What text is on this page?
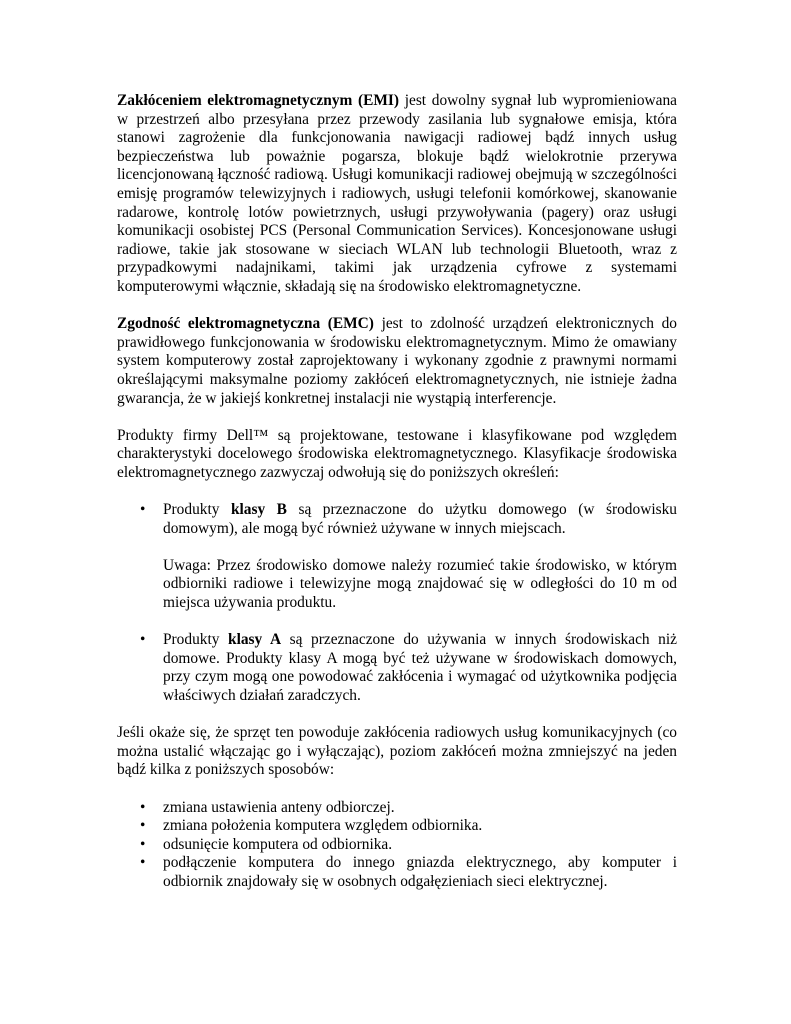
Zakłóceniem elektromagnetycznym (EMI) jest dowolny sygnał lub wypromieniowana w przestrzeń albo przesyłana przez przewody zasilania lub sygnałowe emisja, która stanowi zagrożenie dla funkcjonowania nawigacji radiowej bądź innych usług bezpieczeństwa lub poważnie pogarsza, blokuje bądź wielokrotnie przerywa licencjonowaną łączność radiową. Usługi komunikacji radiowej obejmują w szczególności emisję programów telewizyjnych i radiowych, usługi telefonii komórkowej, skanowanie radarowe, kontrolę lotów powietrznych, usługi przywoływania (pagery) oraz usługi komunikacji osobistej PCS (Personal Communication Services). Koncesjonowane usługi radiowe, takie jak stosowane w sieciach WLAN lub technologii Bluetooth, wraz z przypadkowymi nadajnikami, takimi jak urządzenia cyfrowe z systemami komputerowymi włącznie, składają się na środowisko elektromagnetyczne.

Zgodność elektromagnetyczna (EMC) jest to zdolność urządzeń elektronicznych do prawidłowego funkcjonowania w środowisku elektromagnetycznym. Mimo że omawiany system komputerowy został zaprojektowany i wykonany zgodnie z prawnymi normami określającymi maksymalne poziomy zakłóceń elektromagnetycznych, nie istnieje żadna gwarancja, że w jakiejś konkretnej instalacji nie wystąpią interferencje.

Produkty firmy Dell™ są projektowane, testowane i klasyfikowane pod względem charakterystyki docelowego środowiska elektromagnetycznego. Klasyfikacje środowiska elektromagnetycznego zazwyczaj odwołują się do poniższych określeń:

• Produkty klasy B są przeznaczone do użytku domowego (w środowisku domowym), ale mogą być również używane w innych miejscach.
Uwaga: Przez środowisko domowe należy rozumieć takie środowisko, w którym odbiorniki radiowe i telewizyjne mogą znajdować się w odległości do 10 m od miejsca używania produktu.
• Produkty klasy A są przeznaczone do używania w innych środowiskach niż domowe. Produkty klasy A mogą być też używane w środowiskach domowych, przy czym mogą one powodować zakłócenia i wymagać od użytkownika podjęcia właściwych działań zaradczych.

Jeśli okaże się, że sprzęt ten powoduje zakłócenia radiowych usług komunikacyjnych (co można ustalić włączając go i wyłączając), poziom zakłóceń można zmniejszyć na jeden bądź kilka z poniższych sposobów:

• zmiana ustawienia anteny odbiorczej.
• zmiana położenia komputera względem odbiornika.
• odsunięcie komputera od odbiornika.
• podłączenie komputera do innego gniazda elektrycznego, aby komputer i odbiornik znajdowały się w osobnych odgałęzieniach sieci elektrycznej.
